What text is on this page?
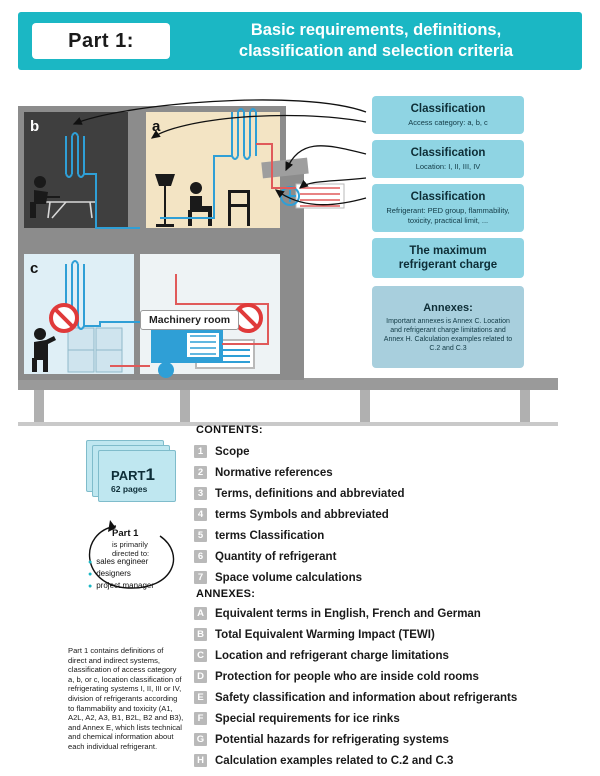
Part 1:	Basic requirements, definitions,
classification and selection criteria
b	a
c
Machinery room
Classification
Access category: a, b, c
Classification
Location: I, II, III, IV
Classification
Refrigerant: PED group, flammability, toxicity, practical limit, ...
The maximum refrigerant charge
Annexes:
Important annexes is Annex C. Location and refrigerant charge limitations and Annex H. Calculation examples related to C.2 and C.3
PART1
62 pages
Part 1
is primarily
directed to:
● sales engineer
● designers
● project manager
Part 1 contains definitions of direct and indirect systems, classification of access category a, b, or c, location classification of refrigerating systems I, II, III or IV, division of refrigerants according to flammability and toxicity (A1, A2L, A2, A3, B1, B2L, B2 and B3), and Annex E, which lists technical and chemical information about each individual refrigerant.
CONTENTS:
1	Scope
2	Normative references
3	Terms, definitions and abbreviated
4	terms Symbols and abbreviated
5	terms Classification
6	Quantity of refrigerant
7	Space volume calculations
ANNEXES:
A Equivalent terms in English, French and German
B Total Equivalent Warming Impact (TEWI)
C Location and refrigerant charge limitations
D Protection for people who are inside cold rooms
E Safety classification and information about refrigerants
F	Special requirements for ice rinks
G Potential hazards for refrigerating systems
H Calculation examples related to C.2 and C.3
